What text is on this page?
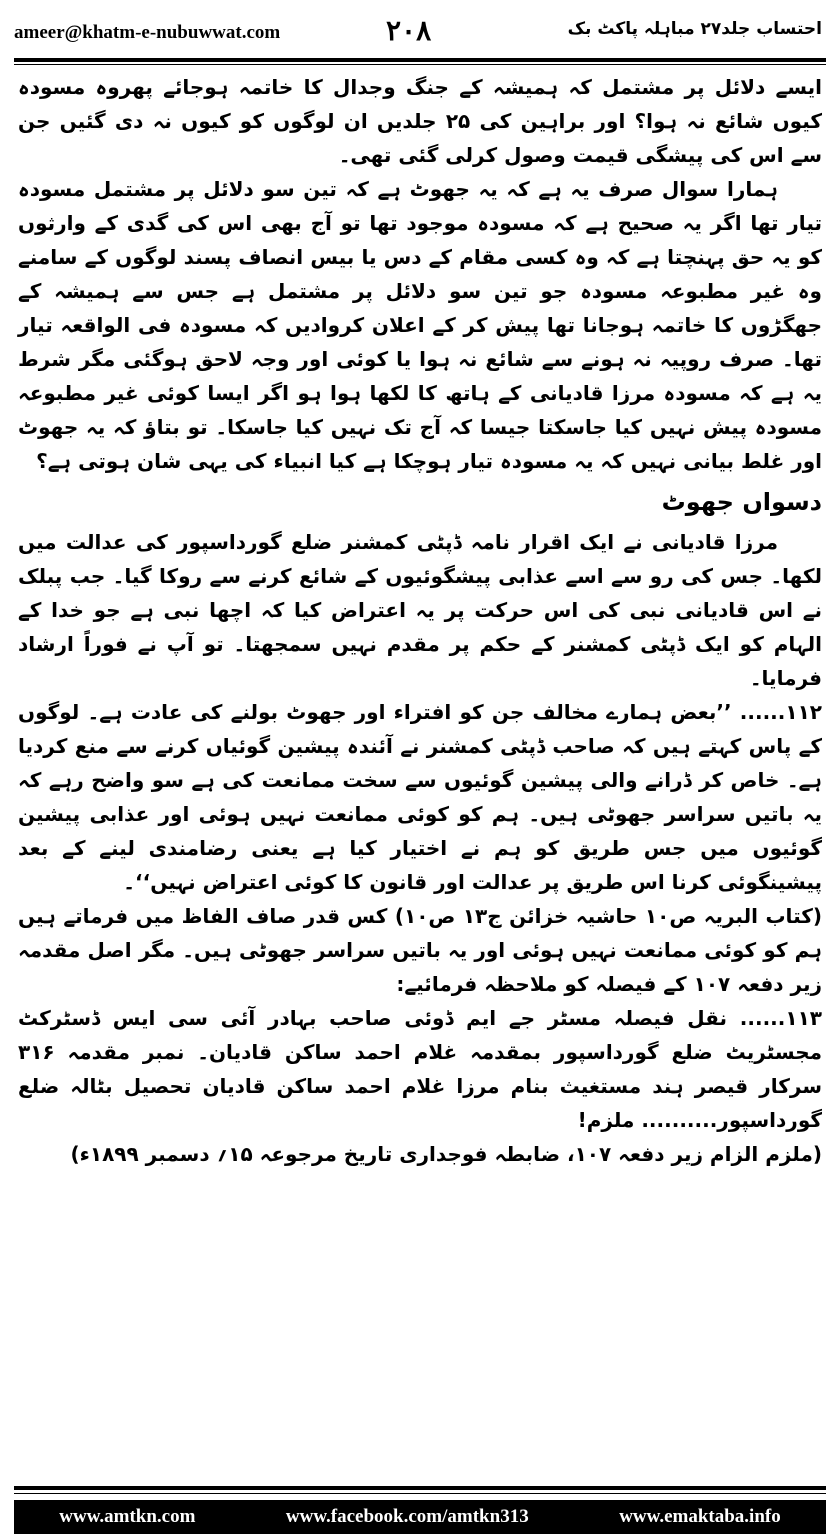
ameer@khatm-e-nubuwwat.com	۲۰۸	احتساب جلد۲۷ مباہلہ پاکٹ بک

ایسے دلائل پر مشتمل کہ ہمیشہ کے جنگ وجدال کا خاتمہ ہوجائے پھروہ مسودہ کیوں شائع نہ ہوا؟ اور براہین کی ۲۵ جلدیں ان لوگوں کو کیوں نہ دی گئیں جن سے اس کی پیشگی قیمت وصول کرلی گئی تھی۔

ہمارا سوال صرف یہ ہے کہ یہ جھوٹ ہے کہ تین سو دلائل پر مشتمل مسودہ تیار تھا اگر یہ صحیح ہے کہ مسودہ موجود تھا تو آج بھی اس کی گدی کے وارثوں کو یہ حق پہنچتا ہے کہ وہ کسی مقام کے دس یا بیس انصاف پسند لوگوں کے سامنے وہ غیر مطبوعہ مسودہ جو تین سو دلائل پر مشتمل ہے جس سے ہمیشہ کے جھگڑوں کا خاتمہ ہوجانا تھا پیش کر کے اعلان کروادیں کہ مسودہ فی الواقعہ تیار تھا۔ صرف روپیہ نہ ہونے سے شائع نہ ہوا یا کوئی اور وجہ لاحق ہوگئی مگر شرط یہ ہے کہ مسودہ مرزا قادیانی کے ہاتھ کا لکھا ہوا ہو اگر ایسا کوئی غیر مطبوعہ مسودہ پیش نہیں کیا جاسکتا جیسا کہ آج تک نہیں کیا جاسکا۔ تو بتاؤ کہ یہ جھوٹ اور غلط بیانی نہیں کہ یہ مسودہ تیار ہوچکا ہے کیا انبیاء کی یہی شان ہوتی ہے؟

دسواں جھوٹ

مرزا قادیانی نے ایک اقرار نامہ ڈپٹی کمشنر ضلع گورداسپور کی عدالت میں لکھا۔ جس کی رو سے اسے عذابی پیشگوئیوں کے شائع کرنے سے روکا گیا۔ جب پبلک نے اس قادیانی نبی کی اس حرکت پر یہ اعتراض کیا کہ اچھا نبی ہے جو خدا کے الہام کو ایک ڈپٹی کمشنر کے حکم پر مقدم نہیں سمجھتا۔ تو آپ نے فوراً ارشاد فرمایا۔

۱۱۲...... ’’بعض ہمارے مخالف جن کو افتراء اور جھوٹ بولنے کی عادت ہے۔ لوگوں کے پاس کہتے ہیں کہ صاحب ڈپٹی کمشنر نے آئندہ پیشین گوئیاں کرنے سے منع کردیا ہے۔ خاص کر ڈرانے والی پیشین گوئیوں سے سخت ممانعت کی ہے سو واضح رہے کہ یہ باتیں سراسر جھوٹی ہیں۔ ہم کو کوئی ممانعت نہیں ہوئی اور عذابی پیشین گوئیوں میں جس طریق کو ہم نے اختیار کیا ہے یعنی رضامندی لینے کے بعد پیشینگوئی کرنا اس طریق پر عدالت اور قانون کا کوئی اعتراض نہیں‘‘۔

(کتاب البریہ ص۱۰ حاشیہ خزائن ج۱۳ ص۱۰) کس قدر صاف الفاظ میں فرماتے ہیں ہم کو کوئی ممانعت نہیں ہوئی اور یہ باتیں سراسر جھوٹی ہیں۔ مگر اصل مقدمہ زیر دفعہ ۱۰۷ کے فیصلہ کو ملاحظہ فرمائیے:

۱۱۳...... نقل فیصلہ مسٹر جے ایم ڈوئی صاحب بہادر آئی سی ایس ڈسٹرکٹ مجسٹریٹ ضلع گورداسپور بمقدمہ غلام احمد ساکن قادیان۔ نمبر مقدمہ ۳۱۶ سرکار قیصر ہند مستغیث بنام مرزا غلام احمد ساکن قادیان تحصیل بٹالہ ضلع گورداسپور.......... ملزم!

(ملزم الزام زیر دفعہ ۱۰۷، ضابطہ فوجداری تاریخ مرجوعہ ۱۵؍ دسمبر ۱۸۹۹ء)

www.amtkn.com	www.facebook.com/amtkn313	www.emaktaba.info
